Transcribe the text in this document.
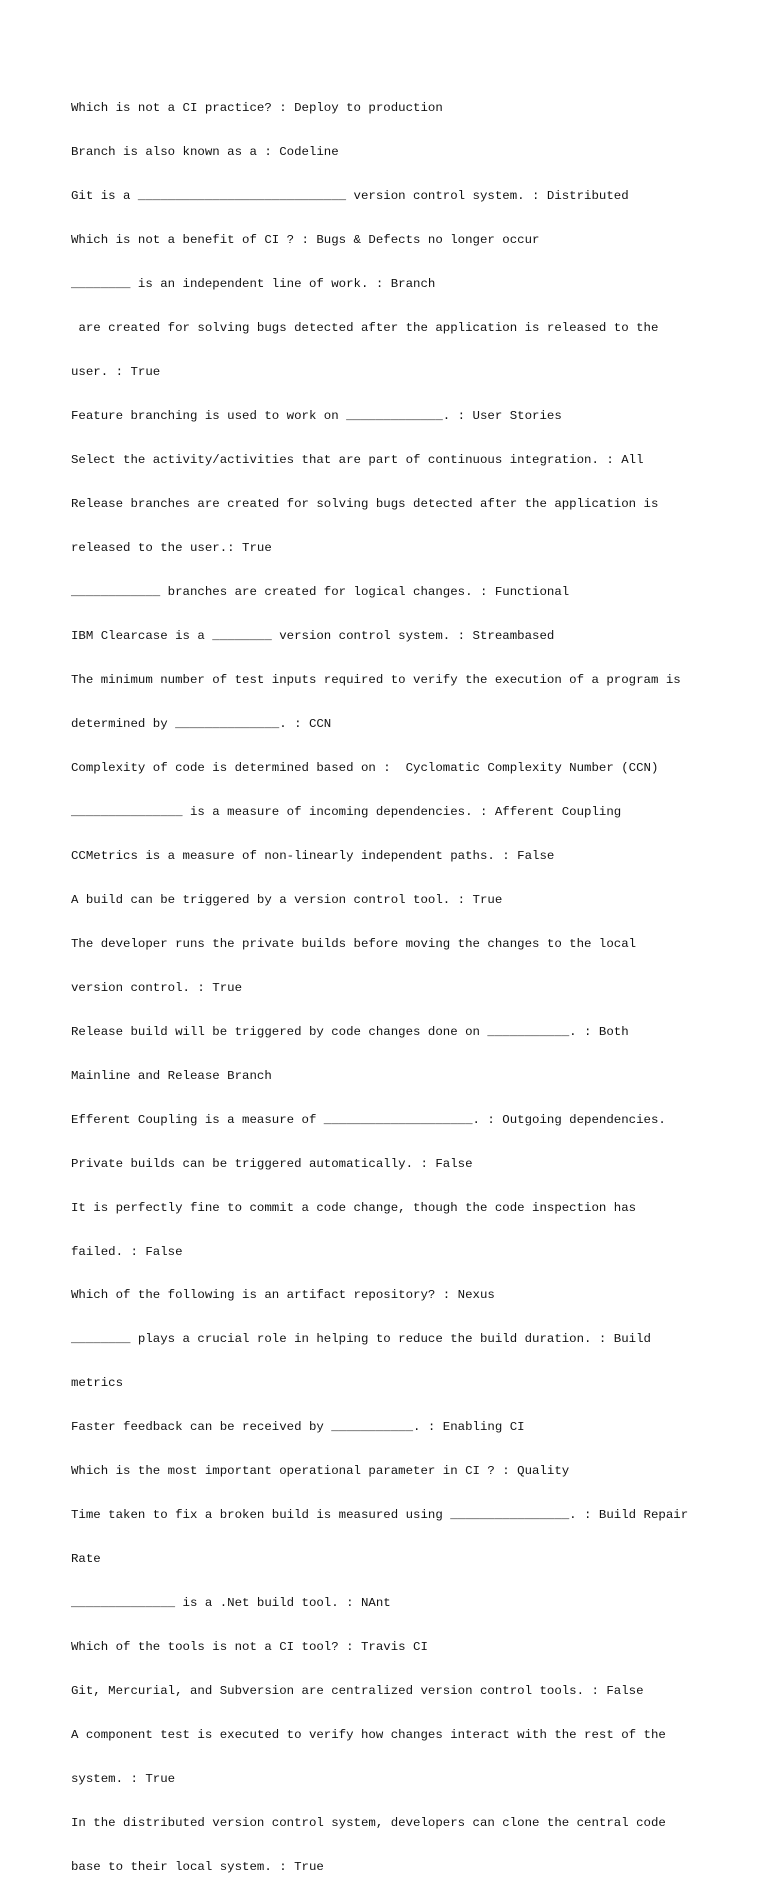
Which is not a CI practice? : Deploy to production

Branch is also known as a : Codeline

Git is a ____________________________ version control system. : Distributed

Which is not a benefit of CI ? : Bugs & Defects no longer occur

________ is an independent line of work. : Branch

are created for solving bugs detected after the application is released to the

user. : True

Feature branching is used to work on _____________. : User Stories

Select the activity/activities that are part of continuous integration. : All

Release branches are created for solving bugs detected after the application is

released to the user.: True

____________ branches are created for logical changes. : Functional

IBM Clearcase is a ________ version control system. : Streambased

The minimum number of test inputs required to verify the execution of a program is

determined by ______________. : CCN

Complexity of code is determined based on :  Cyclomatic Complexity Number (CCN)

_______________ is a measure of incoming dependencies. : Afferent Coupling

CCMetrics is a measure of non-linearly independent paths. : False

A build can be triggered by a version control tool. : True

The developer runs the private builds before moving the changes to the local

version control. : True

Release build will be triggered by code changes done on ___________. : Both

Mainline and Release Branch

Efferent Coupling is a measure of ____________________. : Outgoing dependencies.

Private builds can be triggered automatically. : False

It is perfectly fine to commit a code change, though the code inspection has

failed. : False

Which of the following is an artifact repository? : Nexus

________ plays a crucial role in helping to reduce the build duration. : Build

metrics

Faster feedback can be received by ___________. : Enabling CI

Which is the most important operational parameter in CI ? : Quality

Time taken to fix a broken build is measured using ________________. : Build Repair

Rate

______________ is a .Net build tool. : NAnt

Which of the tools is not a CI tool? : Travis CI

Git, Mercurial, and Subversion are centralized version control tools. : False

A component test is executed to verify how changes interact with the rest of the

system. : True

In the distributed version control system, developers can clone the central code

base to their local system. : True
